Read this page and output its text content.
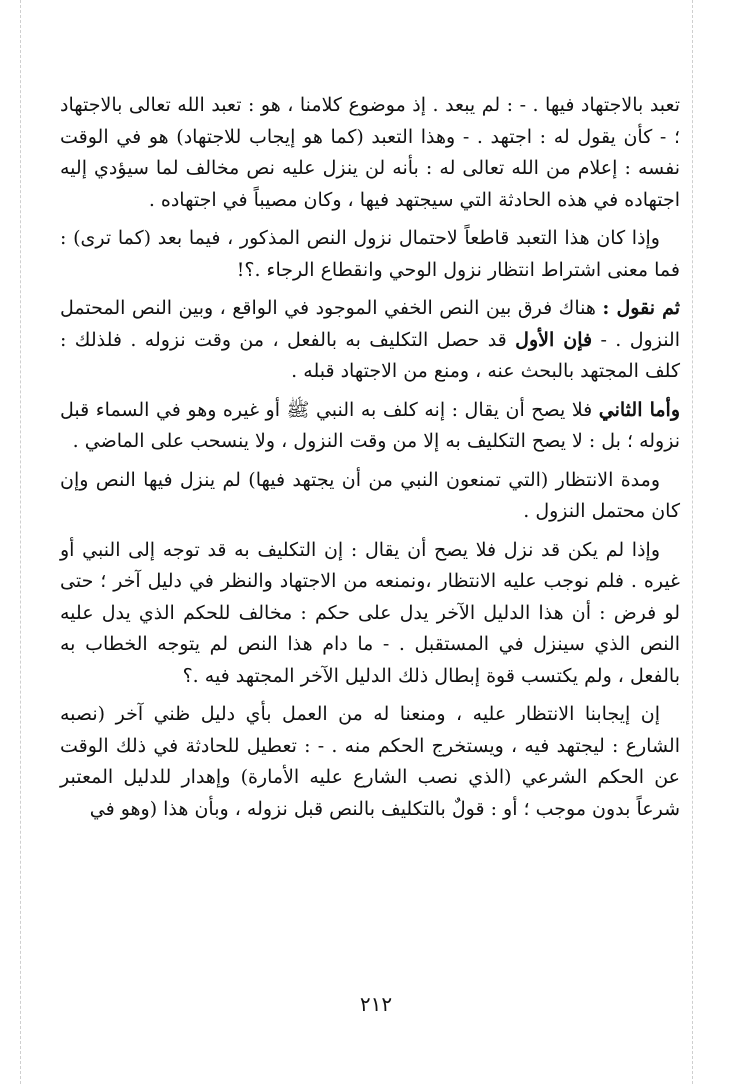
تعبد بالاجتهاد فيها . - : لم يبعد . إذ موضوع كلامنا ، هو : تعبد الله تعالى بالاجتهاد ؛ - كأن يقول له : اجتهد . - وهذا التعبد (كما هو إيجاب للاجتهاد) هو في الوقت نفسه : إعلام من الله تعالى له : بأنه لن ينزل عليه نص مخالف لما سيؤدي إليه اجتهاده في هذه الحادثة التي سيجتهد فيها ، وكان مصيباً في اجتهاده .

وإذا كان هذا التعبد قاطعاً لاحتمال نزول النص المذكور ، فيما بعد (كما ترى) : فما معنى اشتراط انتظار نزول الوحي وانقطاع الرجاء .؟!

ثم نقول : هناك فرق بين النص الخفي الموجود في الواقع ، وبين النص المحتمل النزول . - فإن الأول قد حصل التكليف به بالفعل ، من وقت نزوله . فلذلك : كلف المجتهد بالبحث عنه ، ومنع من الاجتهاد قبله .

وأما الثاني فلا يصح أن يقال : إنه كلف به النبي ﷺ أو غيره وهو في السماء قبل نزوله ؛ بل : لا يصح التكليف به إلا من وقت النزول ، ولا ينسحب على الماضي .

ومدة الانتظار (التي تمنعون النبي من أن يجتهد فيها) لم ينزل فيها النص وإن كان محتمل النزول .

وإذا لم يكن قد نزل فلا يصح أن يقال : إن التكليف به قد توجه إلى النبي أو غيره . فلم نوجب عليه الانتظار ،ونمنعه من الاجتهاد والنظر في دليل آخر ؛ حتى لو فرض : أن هذا الدليل الآخر يدل على حكم : مخالف للحكم الذي يدل عليه النص الذي سينزل في المستقبل . - ما دام هذا النص لم يتوجه الخطاب به بالفعل ، ولم يكتسب قوة إبطال ذلك الدليل الآخر المجتهد فيه .؟

إن إيجابنا الانتظار عليه ، ومنعنا له من العمل بأي دليل ظني آخر (نصبه الشارع : ليجتهد فيه ، ويستخرج الحكم منه . - : تعطيل للحادثة في ذلك الوقت عن الحكم الشرعي (الذي نصب الشارع عليه الأمارة) وإهدار للدليل المعتبر شرعاً بدون موجب ؛ أو : قولٌ بالتكليف بالنص قبل نزوله ، وبأن هذا (وهو في

٢١٢
